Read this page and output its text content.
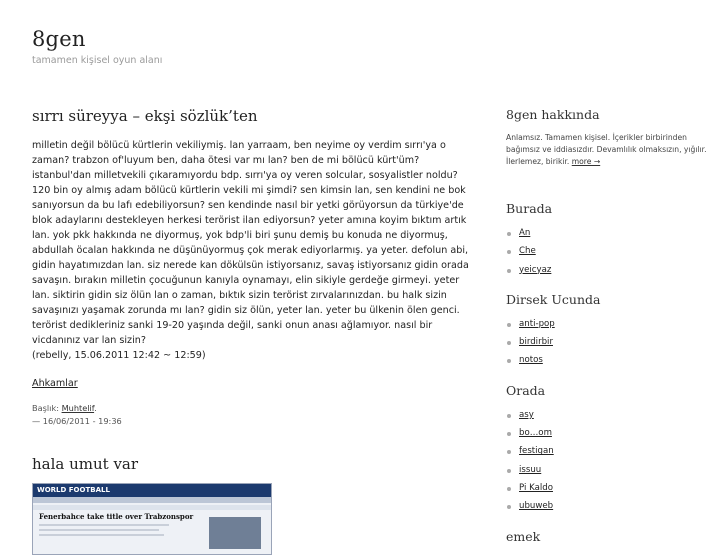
8gen
tamamen kişisel oyun alanı
sırrı süreyya – ekşi sözlük’ten

milletin değil bölücü kürtlerin vekiliymiş. lan yarraam, ben neyime oy verdim sırrı'ya o zaman? trabzon of'luyum ben, daha ötesi var mı lan? ben de mi bölücü kürt'üm? istanbul'dan milletvekili çıkaramıyordu bdp. sırrı'ya oy veren solcular, sosyalistler noldu? 120 bin oy almış adam bölücü kürtlerin vekili mi şimdi? sen kimsin lan, sen kendini ne bok sanıyorsun da bu lafı edebiliyorsun? sen kendinde nasıl bir yetki görüyorsun da türkiye'de blok adaylarını destekleyen herkesi terörist ilan ediyorsun? yeter amına koyim bıktım artık lan. yok pkk hakkında ne diyormuş, yok bdp'li biri şunu demiş bu konuda ne diyormuş, abdullah öcalan hakkında ne düşünüyormuş çok merak ediyorlarmış. ya yeter. defolun abi, gidin hayatımızdan lan. siz nerede kan dökülsün istiyorsanız, savaş istiyorsanız gidin orada savaşın. bırakın milletin çocuğunun kanıyla oynamayı, elin sikiyle gerdeğe girmeyi. yeter lan. siktirin gidin siz ölün lan o zaman, bıktık sizin terörist zırvalarınızdan. bu halk sizin savaşınızı yaşamak zorunda mı lan? gidin siz ölün, yeter lan. yeter bu ülkenin ölen genci. terörist dedikleriniz sanki 19-20 yaşında değil, sanki onun anası ağlamıyor. nasıl bir vicdanınız var lan sizin?

(rebelly, 15.06.2011 12:42 ~ 12:59)

Ahkamlar
Başlık: Muhtelif.
— 16/06/2011 - 19:36
hala umut var
WORLD FOOTBALL
Fenerbahce take title over Trabzonspor
8gen hakkında
Anlamsız. Tamamen kişisel. İçerikler birbirinden bağımsız ve iddiasızdır. Devamlılık olmaksızın, yığılır. İlerlemez, birikir. more →
Burada
An
Che
yeicyaz
Dirsek Ucunda
anti-pop
birdirbir
notos
Orada
asy
bo…om
festigan
issuu
Pi Kaldo
ubuweb
emek
